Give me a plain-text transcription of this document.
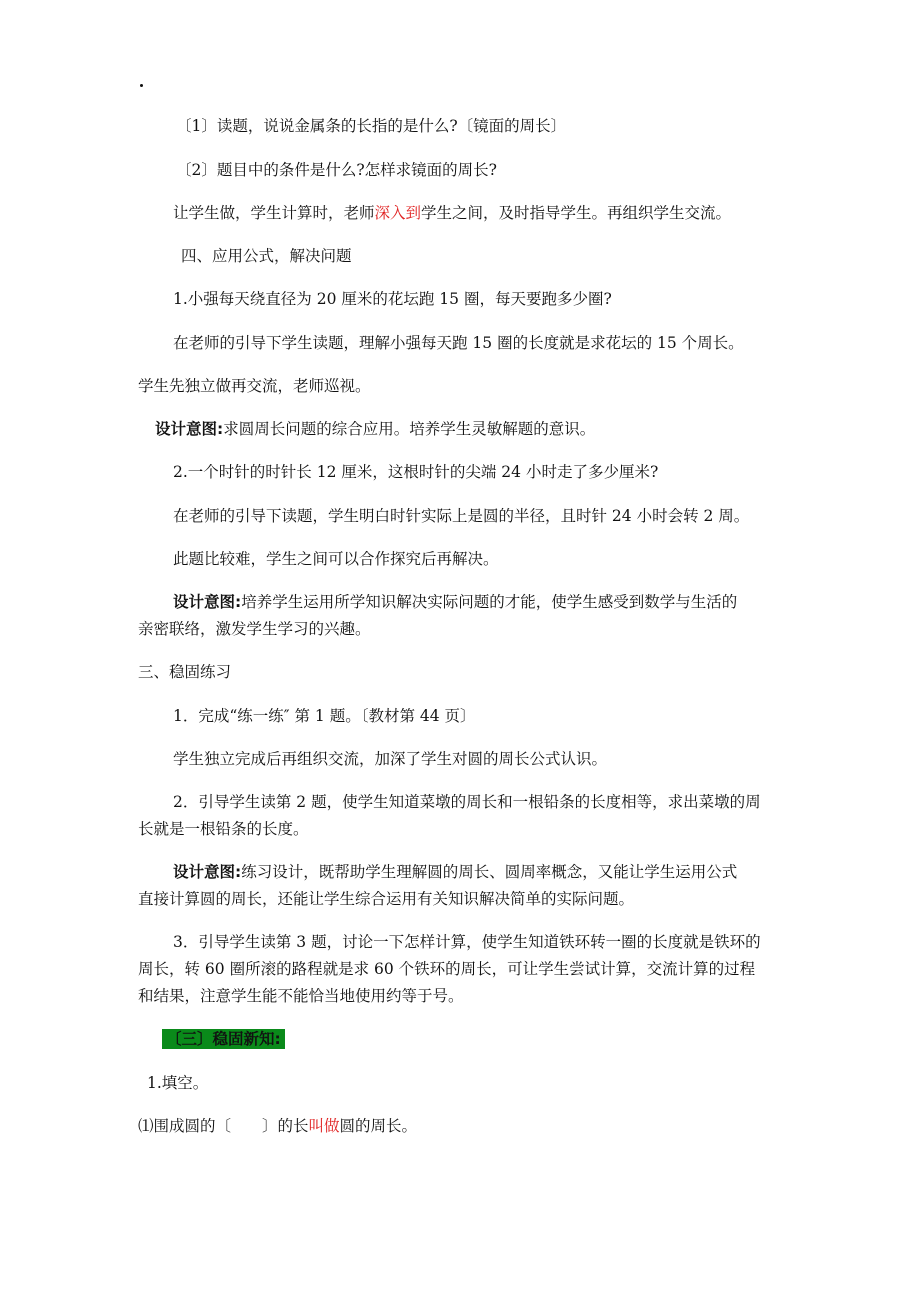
〔1〕读题，说说金属条的长指的是什么?〔镜面的周长〕
〔2〕题目中的条件是什么?怎样求镜面的周长?
让学生做，学生计算时，老师深入到学生之间，及时指导学生。再组织学生交流。
四、应用公式，解决问题
1.小强每天绕直径为 20 厘米的花坛跑 15 圈，每天要跑多少圈?
在老师的引导下学生读题，理解小强每天跑 15 圈的长度就是求花坛的 15 个周长。
学生先独立做再交流，老师巡视。
设计意图:求圆周长问题的综合应用。培养学生灵敏解题的意识。
2.一个时针的时针长 12 厘米，这根时针的尖端 24 小时走了多少厘米?
在老师的引导下读题，学生明白时针实际上是圆的半径，且时针 24 小时会转 2 周。
此题比较难，学生之间可以合作探究后再解决。
设计意图:培养学生运用所学知识解决实际问题的才能，使学生感受到数学与生活的
亲密联络，激发学生学习的兴趣。
三、稳固练习
1．完成“练一练″ 第 1 题。〔教材第 44 页〕
学生独立完成后再组织交流，加深了学生对圆的周长公式认识。
2．引导学生读第 2 题，使学生知道菜墩的周长和一根铅条的长度相等，求出菜墩的周
长就是一根铅条的长度。
设计意图:练习设计，既帮助学生理解圆的周长、圆周率概念，又能让学生运用公式
直接计算圆的周长，还能让学生综合运用有关知识解决简单的实际问题。
3．引导学生读第 3 题，讨论一下怎样计算，使学生知道铁环转一圈的长度就是铁环的
周长，转 60 圈所滚的路程就是求 60 个铁环的周长，可让学生尝试计算，交流计算的过程
和结果，注意学生能不能恰当地使用约等于号。
〔三〕稳固新知:
1.填空。
⑴围成圆的〔　　〕的长叫做圆的周长。
